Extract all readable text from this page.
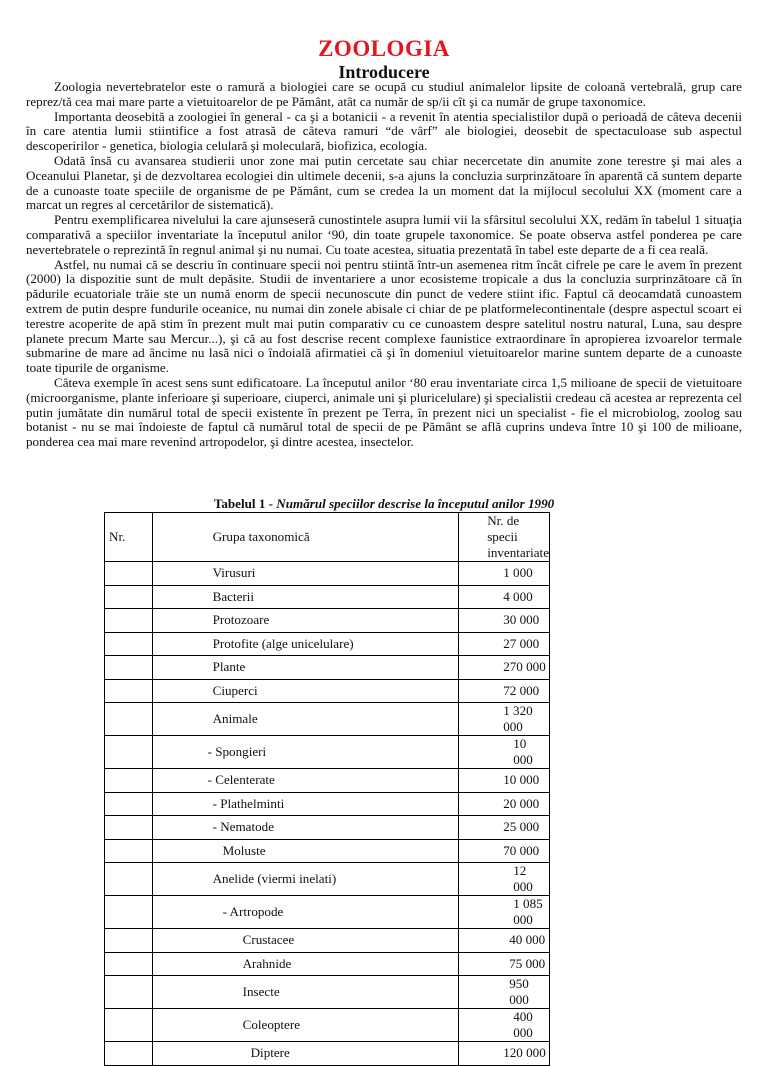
ZOOLOGIA
Introducere

Zoologia nevertebratelor este o ramură a biologiei care se ocupă cu studiul animalelor lipsite de coloană vertebrală, grup care reprez/tă cea mai mare parte a vietuitoarelor de pe Pământ, atât ca număr de sp/ii cît şi ca număr de grupe taxonomice.

Importanta deosebită a zoologiei în general - ca şi a botanicii - a revenit în atentia specialistilor după o perioadă de câteva decenii în care atentia lumii stiintifice a fost atrasă de câteva ramuri “de vârf” ale biologiei, deosebit de spectaculoase sub aspectul descoperirilor - genetica, biologia celulară şi moleculară, biofizica, ecologia.

Odată însă cu avansarea studierii unor zone mai putin cercetate sau chiar necercetate din anumite zone terestre şi mai ales a Oceanului Planetar, şi de dezvoltarea ecologiei din ultimele decenii, s-a ajuns la concluzia surprinzătoare în aparentă că suntem departe de a cunoaste toate speciile de organisme de pe Pământ, cum se credea la un moment dat la mijlocul secolului XX (moment care a marcat un regres al cercetărilor de sistematică).

Pentru exemplificarea nivelului la care ajunseseră cunostintele asupra lumii vii la sfârsitul secolului XX, redăm în tabelul 1 situaţia comparativă a speciilor inventariate la începutul anilor ‘90, din toate grupele taxonomice. Se poate observa astfel ponderea pe care nevertebratele o reprezintă în regnul animal şi nu numai. Cu toate acestea, situatia prezentată în tabel este departe de a fi cea reală.

Astfel, nu numai că se descriu în continuare specii noi pentru stiintă într-un asemenea ritm încât cifrele pe care le avem în prezent (2000) la dispozitie sunt de mult depăsite. Studii de inventariere a unor ecosisteme tropicale a dus la concluzia surprinzătoare că în pădurile ecuatoriale trăie ste un numă enorm de specii necunoscute din punct de vedere stiint ific. Faptul că deocamdată cunoastem extrem de putin despre fundurile oceanice, nu numai din zonele abisale ci chiar de pe platformelecontinentale (despre aspectul scoart ei terestre acoperite de apă stim în prezent mult mai putin comparativ cu ce cunoastem despre satelitul nostru natural, Luna, sau despre planete precum Marte sau Mercur...), şi că au fost descrise recent complexe faunistice extraordinare în apropierea izvoarelor termale submarine de mare ad âncime nu lasă nici o îndoială afirmatiei că şi în domeniul vietuitoarelor marine suntem departe de a cunoaste toate tipurile de organisme.

Câteva exemple în acest sens sunt edificatoare. La începutul anilor ‘80 erau inventariate circa 1,5 milioane de specii de vietuitoare (microorganisme, plante inferioare şi superioare, ciuperci, animale uni şi pluricelulare) şi specialistii credeau că acestea ar reprezenta cel putin jumătate din numărul total de specii existente în prezent pe Terra, în prezent nici un specialist - fie el microbiolog, zoolog sau botanist - nu se mai îndoieste de faptul că numărul total de specii de pe Pământ se află cuprins undeva între 10 şi 100 de milioane, ponderea cea mai mare revenind artropodelor, şi dintre acestea, insectelor.

Tabelul 1 - Numărul speciilor descrise la începutul anilor 1990
Nr.	Grupa taxonomică	Nr. de specii inventariate
	Virusuri	1 000
	Bacterii	4 000
	Protozoare	30 000
	Protofite (alge unicelulare)	27 000
	Plante	270 000
	Ciuperci	72 000
	Animale	1 320 000
	- Spongieri	10 000
	- Celenterate	10 000
	- Plathelminti	20 000
	- Nematode	25 000
	Moluste	70 000
	Anelide (viermi inelati)	12 000
	- Artropode	1 085 000
	Crustacee	40 000
	Arahnide	75 000
	Insecte	950 000
	Coleoptere	400 000
	Diptere	120 000
